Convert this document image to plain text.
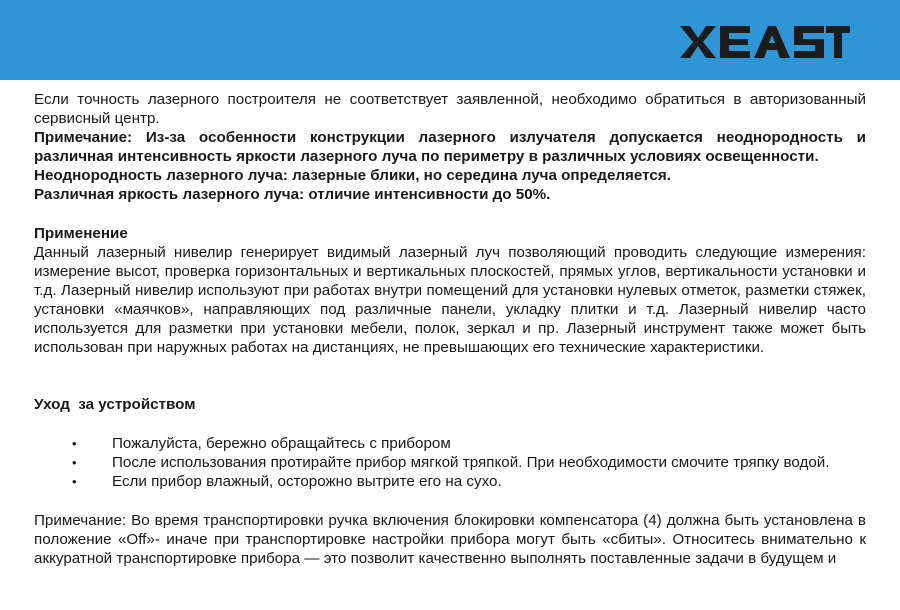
Если точность лазерного построителя не соответствует заявленной, необходимо обратиться в авторизованный сервисный центр.

Примечание: Из-за особенности конструкции лазерного излучателя допускается неоднородность и различная интенсивность яркости лазерного луча по периметру в различных условиях освещенности.

Неоднородность лазерного луча: лазерные блики, но середина луча определяется.

Различная яркость лазерного луча: отличие интенсивности до 50%.

Применение

Данный лазерный нивелир генерирует видимый лазерный луч позволяющий проводить следующие измерения: измерение высот, проверка горизонтальных и вертикальных плоскостей, прямых углов, вертикальности установки и т.д. Лазерный нивелир используют при работах внутри помещений для установки нулевых отметок, разметки стяжек, установки «маячков», направляющих под различные панели, укладку плитки и т.д. Лазерный нивелир часто используется для разметки при установки мебели, полок, зеркал и пр. Лазерный инструмент также может быть использован при наружных работах на дистанциях, не превышающих его технические характеристики.

Уход  за устройством

• Пожалуйста, бережно обращайтесь с прибором
• После использования протирайте прибор мягкой тряпкой. При необходимости смочите тряпку водой.
• Если прибор влажный, осторожно вытрите его на сухо.

Примечание: Во время транспортировки ручка включения блокировки компенсатора (4) должна быть установлена в положение «Off»- иначе при транспортировке настройки прибора могут быть «сбиты». Относитесь внимательно к аккуратной транспортировке прибора — это позволит качественно выполнять поставленные задачи в будущем и
